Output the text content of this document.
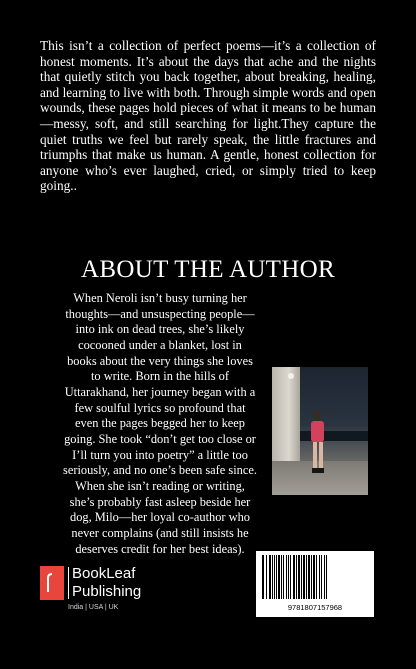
This isn’t a collection of perfect poems—it’s a collection of honest moments. It’s about the days that ache and the nights that quietly stitch you back together, about breaking, healing, and learning to live with both. Through simple words and open wounds, these pages hold pieces of what it means to be human—messy, soft, and still searching for light.They capture the quiet truths we feel but rarely speak, the little fractures and triumphs that make us human. A gentle, honest collection for anyone who’s ever laughed, cried, or simply tried to keep going..

ABOUT THE AUTHOR

When Neroli isn’t busy turning her thoughts—and unsuspecting people—into ink on dead trees, she’s likely cocooned under a blanket, lost in books about the very things she loves to write. Born in the hills of Uttarakhand, her journey began with a few soulful lyrics so profound that even the pages begged her to keep going. She took “don’t get too close or I’ll turn you into poetry” a little too seriously, and no one’s been safe since. When she isn’t reading or writing, she’s probably fast asleep beside her dog, Milo—her loyal co-author who never complains (and still insists he deserves credit for her best ideas).

BookLeaf
Publishing
India | USA | UK	9781807157968
